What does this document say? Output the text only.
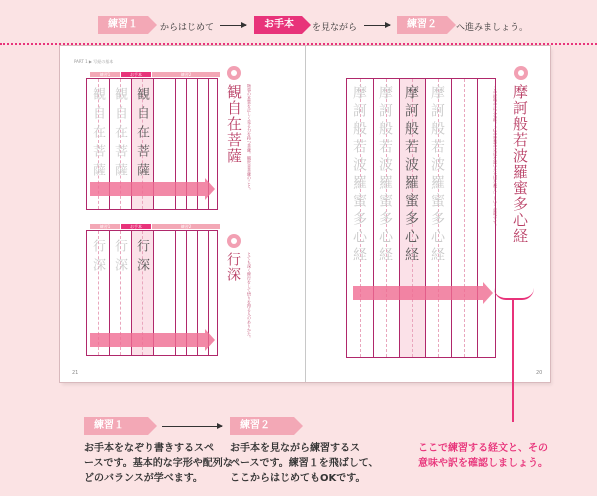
練習１	からはじめて	お手本	を見ながら	練習２	へ進みましょう。
PART 1 ▶ 写経の基本
練習1	お手本	練習2
観自在菩薩 観自在菩薩 観自在菩薩	観自在菩薩 物事の本質を正しく見る力を持つ菩薩。観世音菩薩のこと。
練習1	お手本	練習2
行深 行深 行深	行深 とても深く修行をして悟りを得る人のありかた。
21
摩訶般若波羅蜜多心経 摩訶般若波羅蜜多心経 摩訶般若波羅蜜多心経 摩訶般若波羅蜜多心経	摩訶般若波羅蜜多心経
この経典の正式名称。「仏の智慧の完成を説いた大切な教え」という意味です。
20
練習１	練習２
お手本をなぞり書きするスペ
ースです。基本的な字形や配列な
どのバランスが学べます。
お手本を見ながら練習するス
ペースです。練習１を飛ばして、
ここからはじめてもOKです。
ここで練習する経文と、その
意味や訳を確認しましょう。
